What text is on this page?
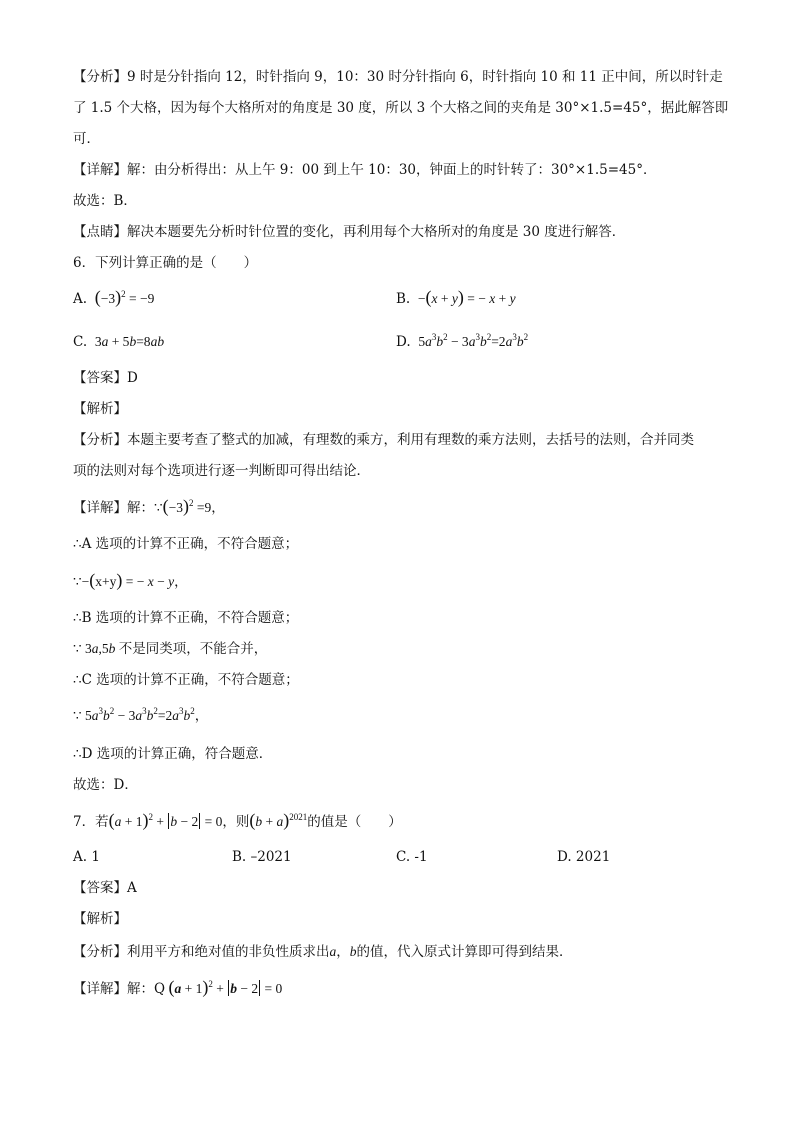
【分析】9 时是分针指向 12，时针指向 9，10：30 时分针指向 6，时针指向 10 和 11 正中间，所以时针走
了 1.5 个大格，因为每个大格所对的角度是 30 度，所以 3 个大格之间的夹角是 30°×1.5=45°，据此解答即
可．
【详解】解：由分析得出：从上午 9：00 到上午 10：30，钟面上的时针转了：30°×1.5=45°．
故选：B．
【点睛】解决本题要先分析时针位置的变化，再利用每个大格所对的角度是 30 度进行解答．
6．下列计算正确的是（　　）
A. $(-3)^2 = -9$	B.  −(x + y) = − x + y
C.  3a + 5b=8ab	D.  $5a^3b^2 - 3a^3b^2=2a^3b^2$
【答案】D
【解析】
【分析】本题主要考查了整式的加减，有理数的乘方，利用有理数的乘方法则，去括号的法则，合并同类
项的法则对每个选项进行逐一判断即可得出结论．
【详解】解：$\because(-3)^2 =9$，
∴A 选项的计算不正确，不符合题意；
∵−(x+y) = − x − y，
∴B 选项的计算不正确，不符合题意；
∵ 3a,5b 不是同类项，不能合并，
∴C 选项的计算不正确，不符合题意；
∵ $5a^3b^2 - 3a^3b^2=2a^3b^2$，
∴D 选项的计算正确，符合题意．
故选：D．
7．若$(a + 1)^2 + b - 2 = 0$，则$(b + a)^{2021}$的值是（　　）
A. 1	B. –2021	C. -1	D. 2021
【答案】A
【解析】
【分析】利用平方和绝对值的非负性质求出a，b的值，代入原式计算即可得到结果．
【详解】解：Q $(a + 1)^2 + b - 2 = 0$
